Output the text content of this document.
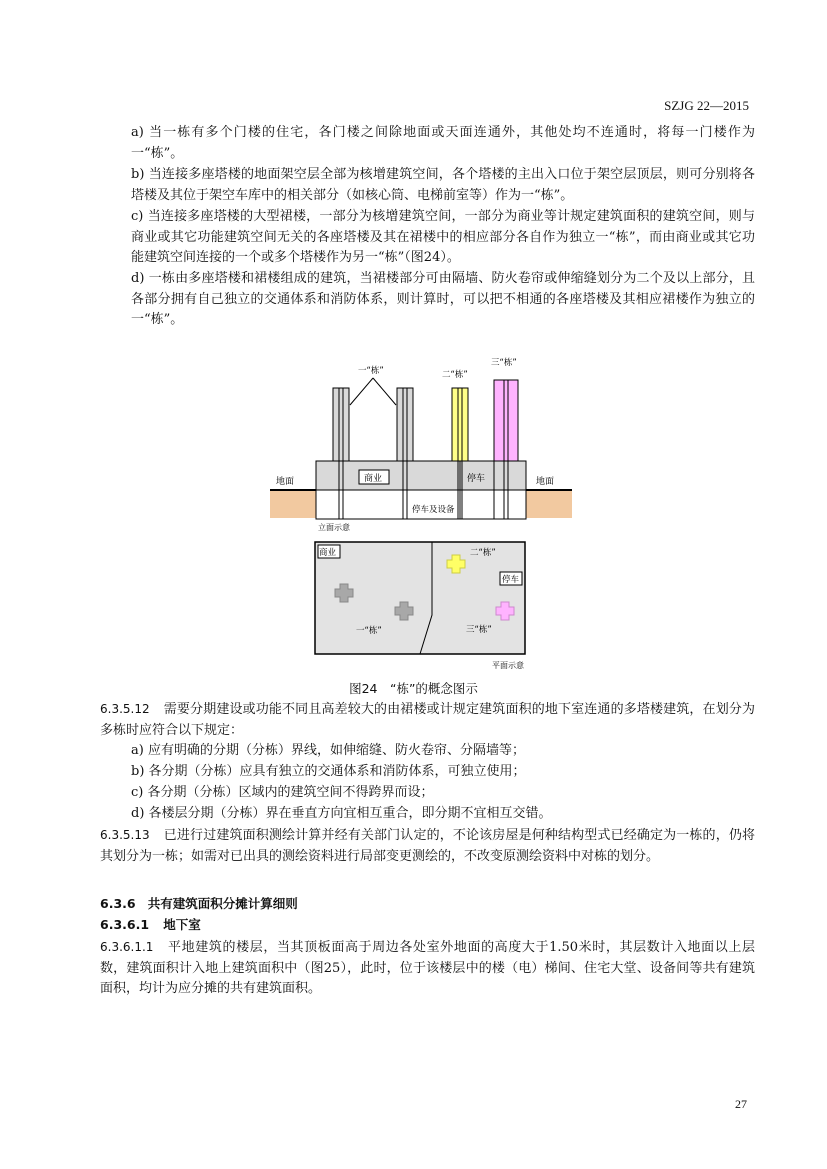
SZJG 22—2015

a) 当一栋有多个门楼的住宅，各门楼之间除地面或天面连通外，其他处均不连通时，将每一门楼作为一“栋”。

b) 当连接多座塔楼的地面架空层全部为核增建筑空间，各个塔楼的主出入口位于架空层顶层，则可分别将各塔楼及其位于架空车库中的相关部分（如核心筒、电梯前室等）作为一“栋”。

c) 当连接多座塔楼的大型裙楼，一部分为核增建筑空间，一部分为商业等计规定建筑面积的建筑空间，则与商业或其它功能建筑空间无关的各座塔楼及其在裙楼中的相应部分各自作为独立一“栋”，而由商业或其它功能建筑空间连接的一个或多个塔楼作为另一“栋”（图24）。

d) 一栋由多座塔楼和裙楼组成的建筑，当裙楼部分可由隔墙、防火卷帘或伸缩缝划分为二个及以上部分，且各部分拥有自己独立的交通体系和消防体系，则计算时，可以把不相通的各座塔楼及其相应裙楼作为独立的一“栋”。

地面	地面
商业	停车
停车及设备
立面示意
一“栋”	二“栋”
三“栋”
商业
停车
一“栋”
二“栋”
三“栋”
平面示意
图24　“栋”的概念图示

6.3.5.12 需要分期建设或功能不同且高差较大的由裙楼或计规定建筑面积的地下室连通的多塔楼建筑，在划分为多栋时应符合以下规定：

a) 应有明确的分期（分栋）界线，如伸缩缝、防火卷帘、分隔墙等；

b) 各分期（分栋）应具有独立的交通体系和消防体系，可独立使用；

c) 各分期（分栋）区域内的建筑空间不得跨界而设；

d) 各楼层分期（分栋）界在垂直方向宜相互重合，即分期不宜相互交错。

6.3.5.13 已进行过建筑面积测绘计算并经有关部门认定的，不论该房屋是何种结构型式已经确定为一栋的，仍将其划分为一栋；如需对已出具的测绘资料进行局部变更测绘的，不改变原测绘资料中对栋的划分。

6.3.6 共有建筑面积分摊计算细则

6.3.6.1 地下室

6.3.6.1.1 平地建筑的楼层，当其顶板面高于周边各处室外地面的高度大于1.50米时，其层数计入地面以上层数，建筑面积计入地上建筑面积中（图25），此时，位于该楼层中的楼（电）梯间、住宅大堂、设备间等共有建筑面积，均计为应分摊的共有建筑面积。

27
